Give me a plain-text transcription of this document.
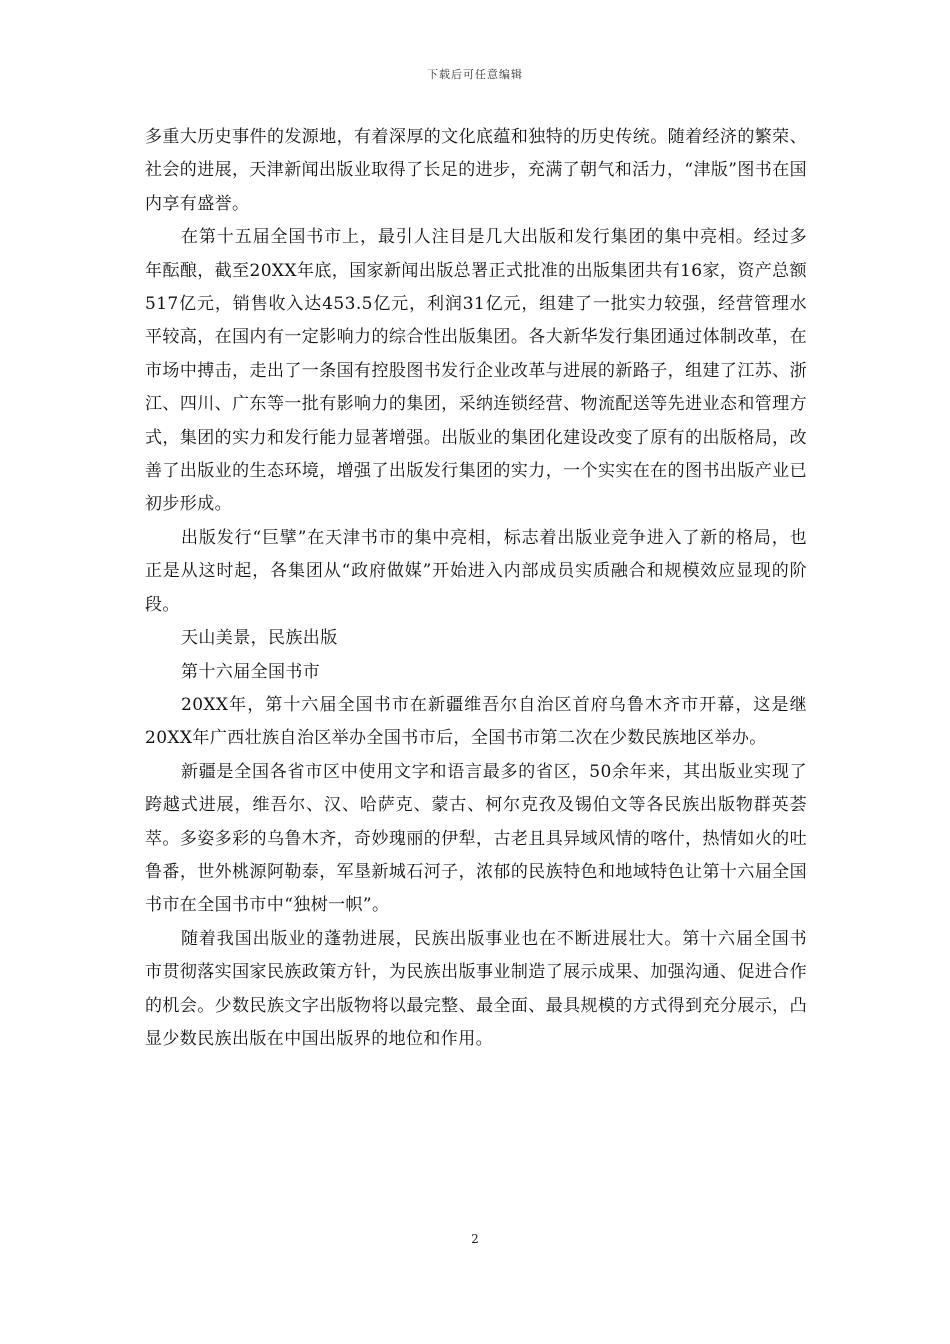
下载后可任意编辑

多重大历史事件的发源地，有着深厚的文化底蕴和独特的历史传统。随着经济的繁荣、社会的进展，天津新闻出版业取得了长足的进步，充满了朝气和活力，“津版”图书在国内享有盛誉。

在第十五届全国书市上，最引人注目是几大出版和发行集团的集中亮相。经过多年酝酿，截至20XX年底，国家新闻出版总署正式批准的出版集团共有16家，资产总额517亿元，销售收入达453.5亿元，利润31亿元，组建了一批实力较强，经营管理水平较高，在国内有一定影响力的综合性出版集团。各大新华发行集团通过体制改革，在市场中搏击，走出了一条国有控股图书发行企业改革与进展的新路子，组建了江苏、浙江、四川、广东等一批有影响力的集团，采纳连锁经营、物流配送等先进业态和管理方式，集团的实力和发行能力显著增强。出版业的集团化建设改变了原有的出版格局，改善了出版业的生态环境，增强了出版发行集团的实力，一个实实在在的图书出版产业已初步形成。

出版发行“巨擘”在天津书市的集中亮相，标志着出版业竞争进入了新的格局，也正是从这时起，各集团从“政府做媒”开始进入内部成员实质融合和规模效应显现的阶段。

天山美景，民族出版

第十六届全国书市

20XX年，第十六届全国书市在新疆维吾尔自治区首府乌鲁木齐市开幕，这是继20XX年广西壮族自治区举办全国书市后，全国书市第二次在少数民族地区举办。

新疆是全国各省市区中使用文字和语言最多的省区，50余年来，其出版业实现了跨越式进展，维吾尔、汉、哈萨克、蒙古、柯尔克孜及锡伯文等各民族出版物群英荟萃。多姿多彩的乌鲁木齐，奇妙瑰丽的伊犁，古老且具异域风情的喀什，热情如火的吐鲁番，世外桃源阿勒泰，军垦新城石河子，浓郁的民族特色和地域特色让第十六届全国书市在全国书市中“独树一帜”。

随着我国出版业的蓬勃进展，民族出版事业也在不断进展壮大。第十六届全国书市贯彻落实国家民族政策方针，为民族出版事业制造了展示成果、加强沟通、促进合作的机会。少数民族文字出版物将以最完整、最全面、最具规模的方式得到充分展示，凸显少数民族出版在中国出版界的地位和作用。

2
